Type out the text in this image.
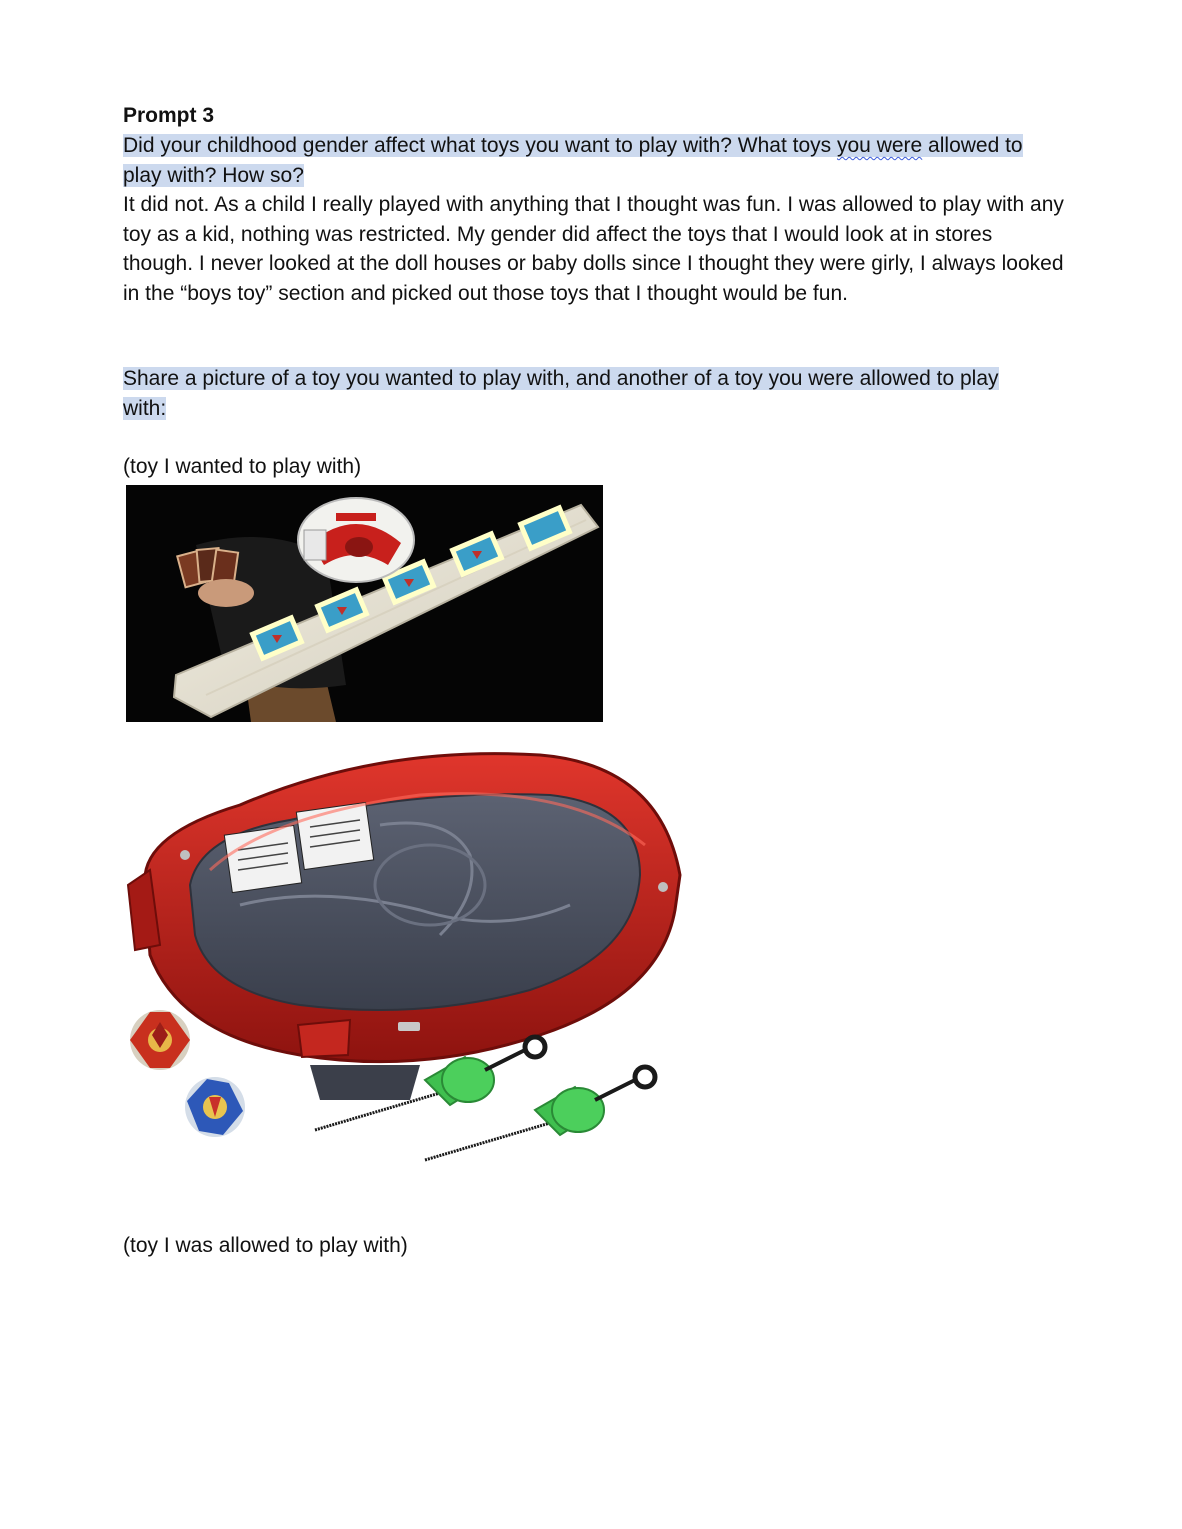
Prompt 3
Did your childhood gender affect what toys you want to play with? What toys you were allowed to play with? How so?
It did not. As a child I really played with anything that I thought was fun. I was allowed to play with any toy as a kid, nothing was restricted. My gender did affect the toys that I would look at in stores though. I never looked at the doll houses or baby dolls since I thought they were girly, I always looked in the “boys toy” section and picked out those toys that I thought would be fun.
Share a picture of a toy you wanted to play with, and another of a toy you were allowed to play with:
(toy I wanted to play with)
(toy I was allowed to play with)
